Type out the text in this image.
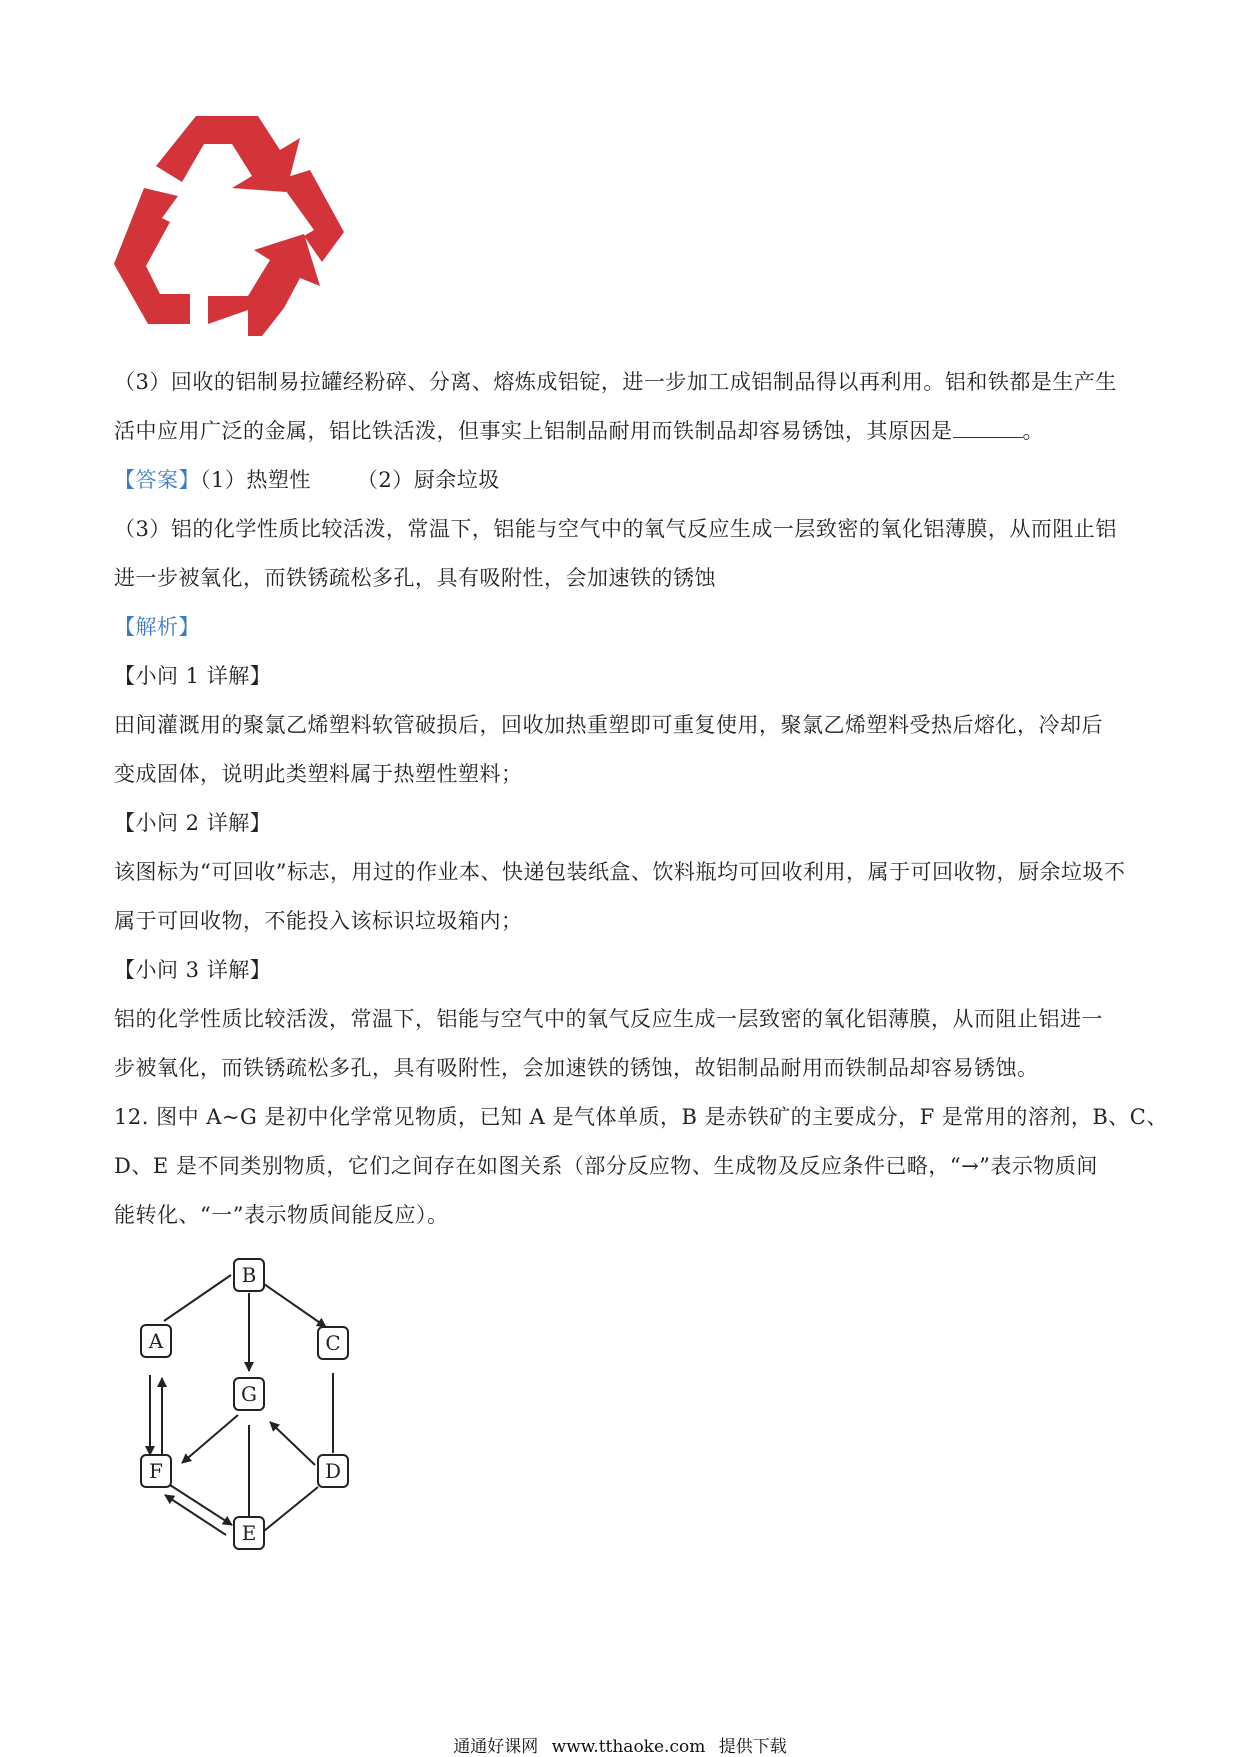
（3）回收的铝制易拉罐经粉碎、分离、熔炼成铝锭，进一步加工成铝制品得以再利用。铝和铁都是生产生
活中应用广泛的金属，铝比铁活泼，但事实上铝制品耐用而铁制品却容易锈蚀，其原因是	。
【答案】（1）热塑性 （2）厨余垃圾
（3）铝的化学性质比较活泼，常温下，铝能与空气中的氧气反应生成一层致密的氧化铝薄膜，从而阻止铝
进一步被氧化，而铁锈疏松多孔，具有吸附性，会加速铁的锈蚀
【解析】
【小问 1 详解】
田间灌溉用的聚氯乙烯塑料软管破损后，回收加热重塑即可重复使用，聚氯乙烯塑料受热后熔化，冷却后
变成固体，说明此类塑料属于热塑性塑料；
【小问 2 详解】
该图标为“可回收”标志，用过的作业本、快递包装纸盒、饮料瓶均可回收利用，属于可回收物，厨余垃圾不
属于可回收物，不能投入该标识垃圾箱内；
【小问 3 详解】
铝的化学性质比较活泼，常温下，铝能与空气中的氧气反应生成一层致密的氧化铝薄膜，从而阻止铝进一
步被氧化，而铁锈疏松多孔，具有吸附性，会加速铁的锈蚀，故铝制品耐用而铁制品却容易锈蚀。
12. 图中 A~G 是初中化学常见物质，已知 A 是气体单质，B 是赤铁矿的主要成分，F 是常用的溶剂，B、C、
D、E 是不同类别物质，它们之间存在如图关系（部分反应物、生成物及反应条件已略，“→”表示物质间
能转化、“一”表示物质间能反应）。
B
A	C
G
F	D
E
通通好课网 www.tthaoke.com 提供下载
